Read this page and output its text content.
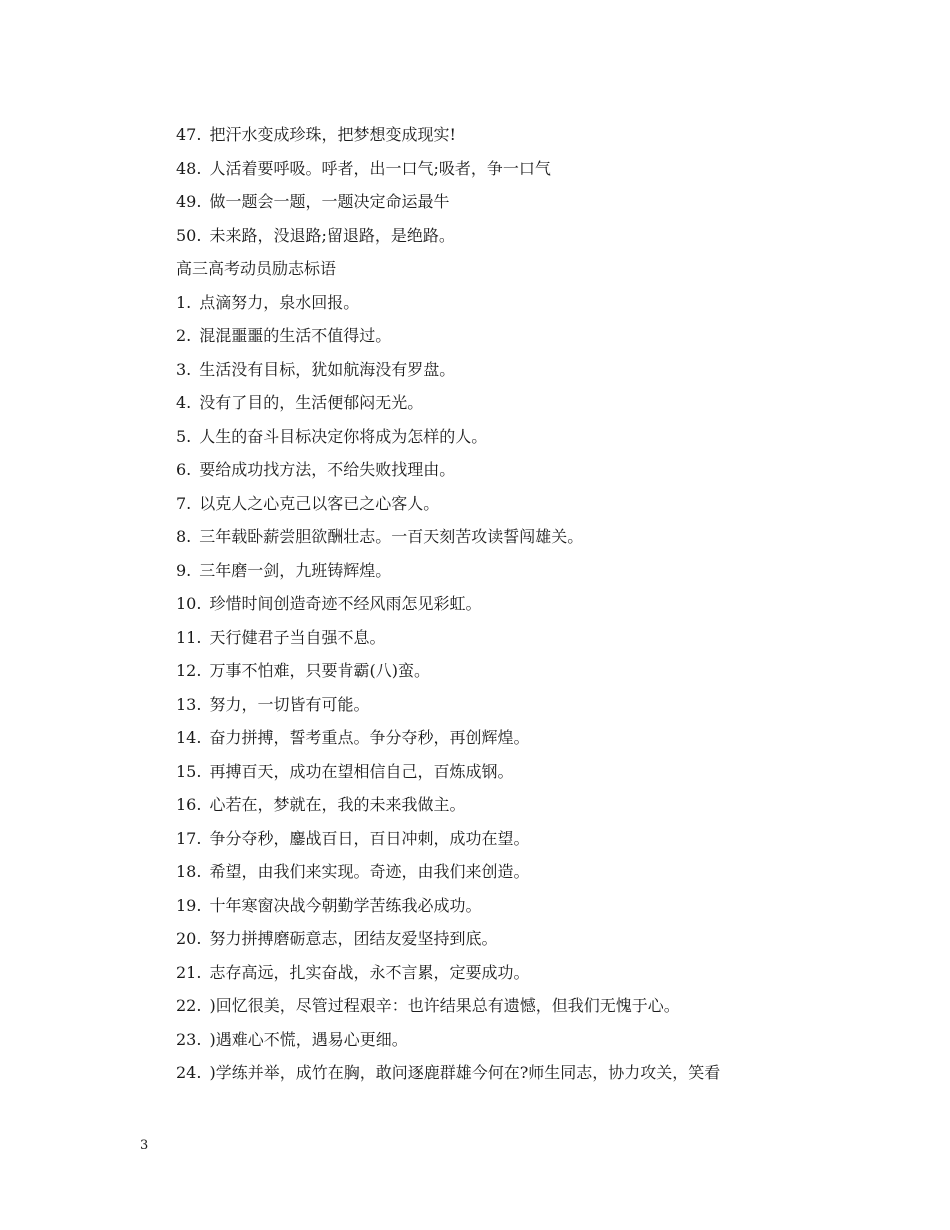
47. 把汗水变成珍珠，把梦想变成现实!
48. 人活着要呼吸。呼者，出一口气;吸者，争一口气
49. 做一题会一题，一题决定命运最牛
50. 未来路，没退路;留退路，是绝路。
高三高考动员励志标语
1. 点滴努力，泉水回报。
2. 混混噩噩的生活不值得过。
3. 生活没有目标，犹如航海没有罗盘。
4. 没有了目的，生活便郁闷无光。
5. 人生的奋斗目标决定你将成为怎样的人。
6. 要给成功找方法，不给失败找理由。
7. 以克人之心克己以客已之心客人。
8. 三年载卧薪尝胆欲酬壮志。一百天刻苦攻读誓闯雄关。
9. 三年磨一剑，九班铸辉煌。
10. 珍惜时间创造奇迹不经风雨怎见彩虹。
11. 天行健君子当自强不息。
12. 万事不怕难，只要肯霸(八)蛮。
13. 努力，一切皆有可能。
14. 奋力拼搏，誓考重点。争分夺秒，再创辉煌。
15. 再搏百天，成功在望相信自己，百炼成钢。
16. 心若在，梦就在，我的未来我做主。
17. 争分夺秒，鏖战百日，百日冲刺，成功在望。
18. 希望，由我们来实现。奇迹，由我们来创造。
19. 十年寒窗决战今朝勤学苦练我必成功。
20. 努力拼搏磨砺意志，团结友爱坚持到底。
21. 志存高远，扎实奋战，永不言累，定要成功。
22. )回忆很美，尽管过程艰辛：也许结果总有遗憾，但我们无愧于心。
23. )遇难心不慌，遇易心更细。
24. )学练并举，成竹在胸，敢问逐鹿群雄今何在?师生同志，协力攻关，笑看
3
